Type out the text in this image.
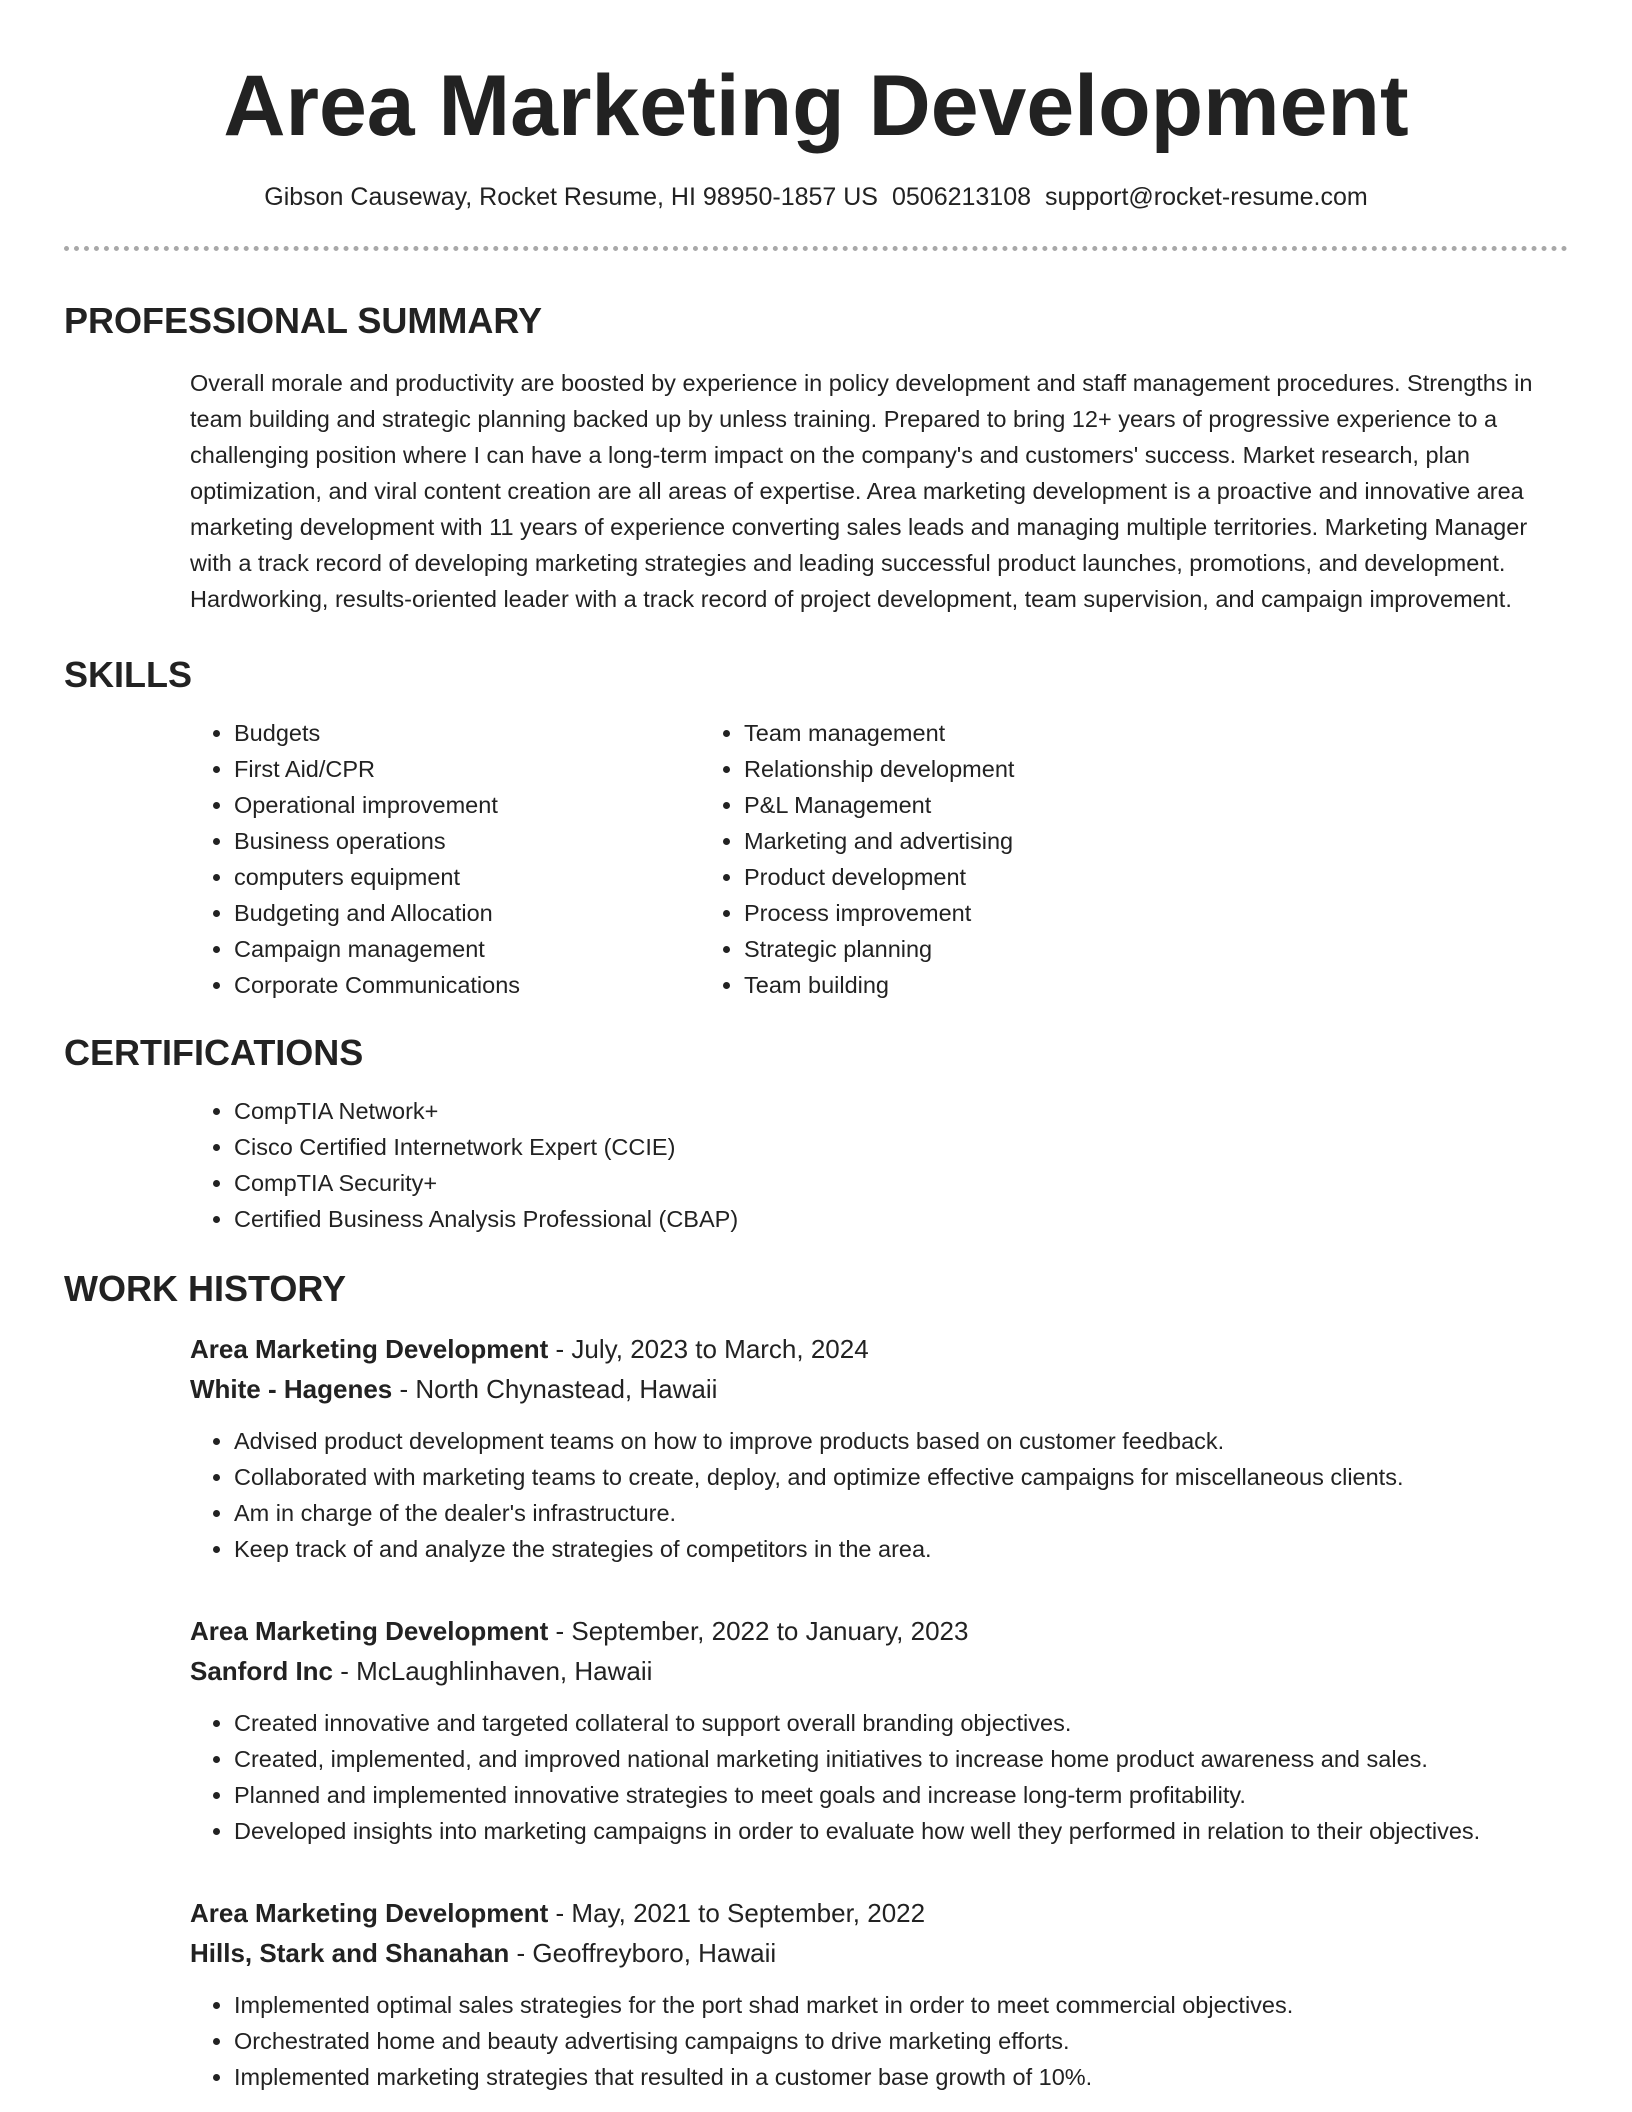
Area Marketing Development
Gibson Causeway, Rocket Resume, HI 98950-1857 US 0506213108 support@rocket-resume.com
PROFESSIONAL SUMMARY

Overall morale and productivity are boosted by experience in policy development and staff management procedures. Strengths in team building and strategic planning backed up by unless training. Prepared to bring 12+ years of progressive experience to a challenging position where I can have a long-term impact on the company's and customers' success. Market research, plan optimization, and viral content creation are all areas of expertise. Area marketing development is a proactive and innovative area marketing development with 11 years of experience converting sales leads and managing multiple territories. Marketing Manager with a track record of developing marketing strategies and leading successful product launches, promotions, and development. Hardworking, results-oriented leader with a track record of project development, team supervision, and campaign improvement.

SKILLS
• Budgets
• First Aid/CPR
• Operational improvement
• Business operations
• computers equipment
• Budgeting and Allocation
• Campaign management
• Corporate Communications
• Team management
• Relationship development
• P&L Management
• Marketing and advertising
• Product development
• Process improvement
• Strategic planning
• Team building
CERTIFICATIONS
• CompTIA Network+
• Cisco Certified Internetwork Expert (CCIE)
• CompTIA Security+
• Certified Business Analysis Professional (CBAP)
WORK HISTORY
Area Marketing Development - July, 2023 to March, 2024
White - Hagenes - North Chynastead, Hawaii
• Advised product development teams on how to improve products based on customer feedback.
• Collaborated with marketing teams to create, deploy, and optimize effective campaigns for miscellaneous clients.
• Am in charge of the dealer's infrastructure.
• Keep track of and analyze the strategies of competitors in the area.
Area Marketing Development - September, 2022 to January, 2023
Sanford Inc - McLaughlinhaven, Hawaii
• Created innovative and targeted collateral to support overall branding objectives.
• Created, implemented, and improved national marketing initiatives to increase home product awareness and sales.
• Planned and implemented innovative strategies to meet goals and increase long-term profitability.
• Developed insights into marketing campaigns in order to evaluate how well they performed in relation to their objectives.
Area Marketing Development - May, 2021 to September, 2022
Hills, Stark and Shanahan - Geoffreyboro, Hawaii
• Implemented optimal sales strategies for the port shad market in order to meet commercial objectives.
• Orchestrated home and beauty advertising campaigns to drive marketing efforts.
• Implemented marketing strategies that resulted in a customer base growth of 10%.
